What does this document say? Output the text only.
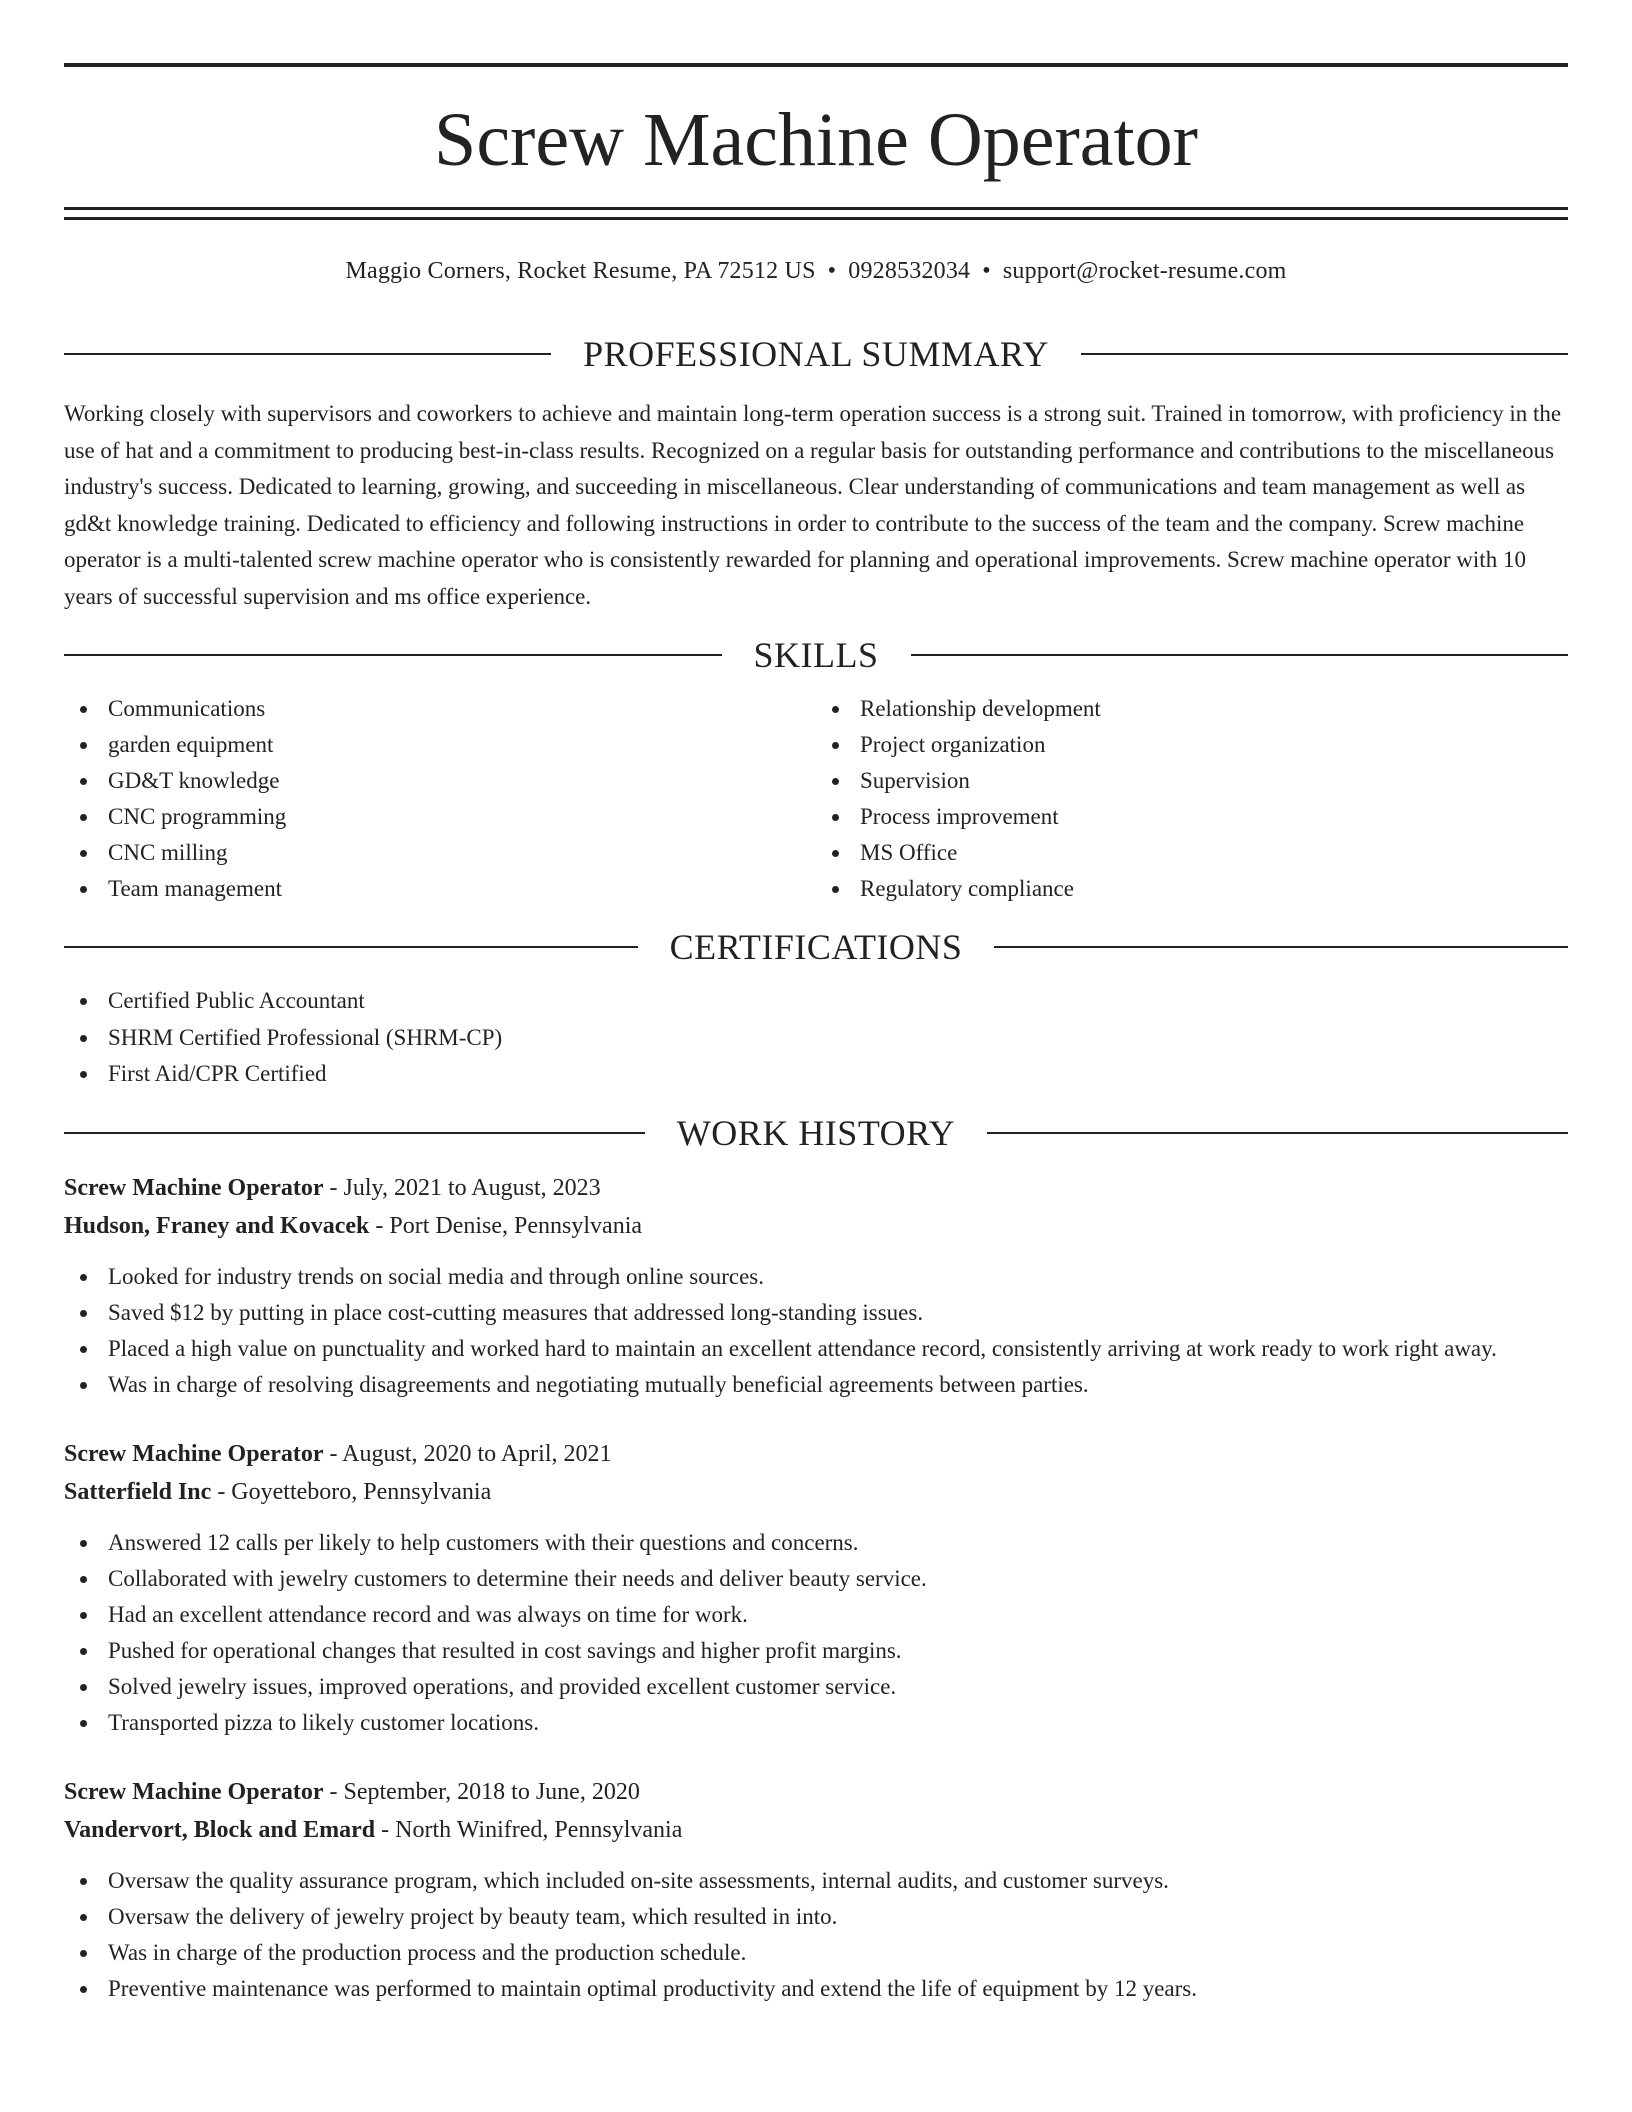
Screw Machine Operator
Maggio Corners, Rocket Resume, PA 72512 US • 0928532034 • support@rocket-resume.com
PROFESSIONAL SUMMARY

Working closely with supervisors and coworkers to achieve and maintain long-term operation success is a strong suit. Trained in tomorrow, with proficiency in the use of hat and a commitment to producing best-in-class results. Recognized on a regular basis for outstanding performance and contributions to the miscellaneous industry's success. Dedicated to learning, growing, and succeeding in miscellaneous. Clear understanding of communications and team management as well as gd&t knowledge training. Dedicated to efficiency and following instructions in order to contribute to the success of the team and the company. Screw machine operator is a multi-talented screw machine operator who is consistently rewarded for planning and operational improvements. Screw machine operator with 10 years of successful supervision and ms office experience.

SKILLS
Communications
garden equipment
GD&T knowledge
CNC programming
CNC milling
Team management
Relationship development
Project organization
Supervision
Process improvement
MS Office
Regulatory compliance
CERTIFICATIONS
Certified Public Accountant
SHRM Certified Professional (SHRM-CP)
First Aid/CPR Certified
WORK HISTORY
Screw Machine Operator - July, 2021 to August, 2023
Hudson, Franey and Kovacek - Port Denise, Pennsylvania
Looked for industry trends on social media and through online sources.
Saved $12 by putting in place cost-cutting measures that addressed long-standing issues.
Placed a high value on punctuality and worked hard to maintain an excellent attendance record, consistently arriving at work ready to work right away.
Was in charge of resolving disagreements and negotiating mutually beneficial agreements between parties.
Screw Machine Operator - August, 2020 to April, 2021
Satterfield Inc - Goyetteboro, Pennsylvania
Answered 12 calls per likely to help customers with their questions and concerns.
Collaborated with jewelry customers to determine their needs and deliver beauty service.
Had an excellent attendance record and was always on time for work.
Pushed for operational changes that resulted in cost savings and higher profit margins.
Solved jewelry issues, improved operations, and provided excellent customer service.
Transported pizza to likely customer locations.
Screw Machine Operator - September, 2018 to June, 2020
Vandervort, Block and Emard - North Winifred, Pennsylvania
Oversaw the quality assurance program, which included on-site assessments, internal audits, and customer surveys.
Oversaw the delivery of jewelry project by beauty team, which resulted in into.
Was in charge of the production process and the production schedule.
Preventive maintenance was performed to maintain optimal productivity and extend the life of equipment by 12 years.
